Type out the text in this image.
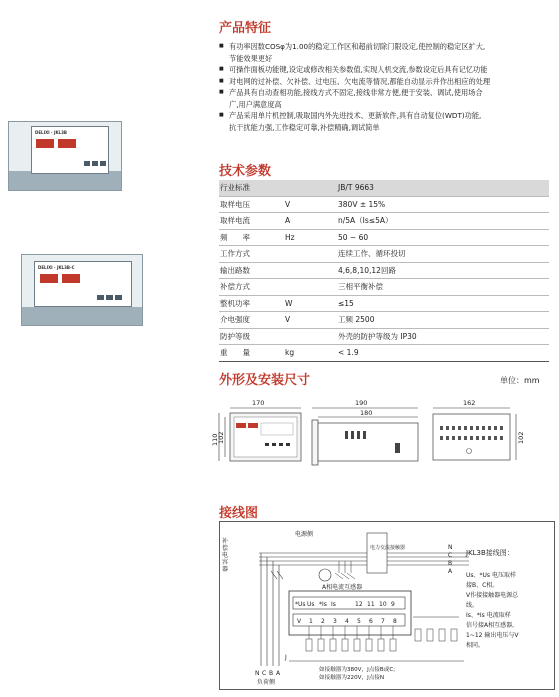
DELIXI · JKL3B
DELIXI · JKL3B-C
产品特征
■ 有功率因数COSφ为1.00的稳定工作区和超前切除门限设定,使控制的稳定区扩大,
节能效果更好
■ 可操作面板功能键,设定或修改相关参数值,实现人机交流,参数设定后具有记忆功能
■ 对电网的过补偿、欠补偿、过电压、欠电流等情况,都能自动显示并作出相应的处理
■ 产品具有自动查相功能,接线方式不固定,接线非常方便,便于安装、调试,使用场合
广,用户满意度高
■ 产品采用单片机控制,吸取国内外先进技术、更新软件,具有自动复位(WDT)功能,
抗干扰能力强,工作稳定可靠,补偿精确,调试简单
技术参数
行业标准		JB/T 9663
取样电压	V	380V ± 15%
取样电流	A	n/5A（Is≤5A）
频　　率	Hz	50 ~ 60
工作方式		连续工作、循环投切
输出路数		4,6,8,10,12回路
补偿方式		三相平衡补偿
整机功率	W	≤15
介电强度	V	工频 2500
防护等级		外壳的防护等级为 IP30
重　　量	kg	< 1.9
外形及安装尺寸	单位：mm
170
110
102
190
180
162
102
接线图
电源侧
A相电流互感器
电力交流接触器	N
C
B
A
N C B A
负荷侧
J
*Us Us *Is Is	12 11 10 9
V 1 2 3 4 5 6 7 8
如接触器为380V，J点接B或C;
如接触器为220V，J点接N
补偿电容器
JKL3B接线图：
Us、*Us 电压取样
接B、C相。
V作接接触器电源总
线。
Is、*Is 电流取样
信号接A相互感器,
1~12 输出电压与V
相同。
